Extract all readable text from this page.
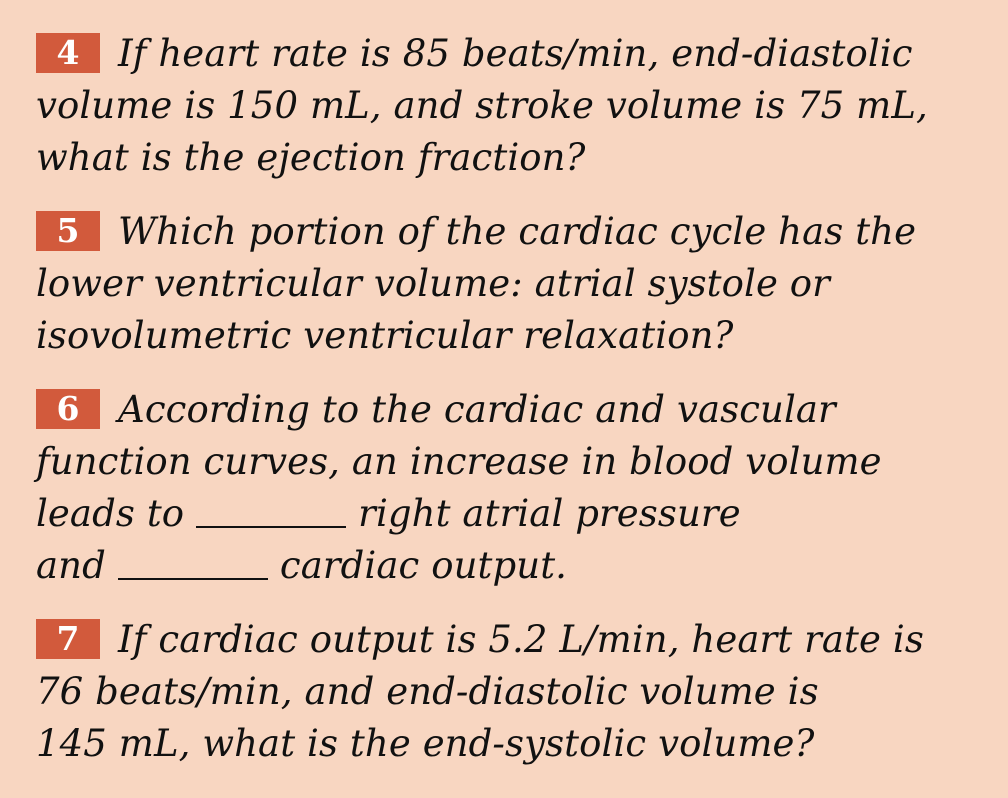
4 If heart rate is 85 beats/min, end-diastolic

volume is 150 mL, and stroke volume is 75 mL,

what is the ejection fraction?

5 Which portion of the cardiac cycle has the

lower ventricular volume: atrial systole or

isovolumetric ventricular relaxation?

6 According to the cardiac and vascular

function curves, an increase in blood volume

leads to	right atrial pressure

and	cardiac output.

7 If cardiac output is 5.2 L/min, heart rate is

76 beats/min, and end-diastolic volume is

145 mL, what is the end-systolic volume?
